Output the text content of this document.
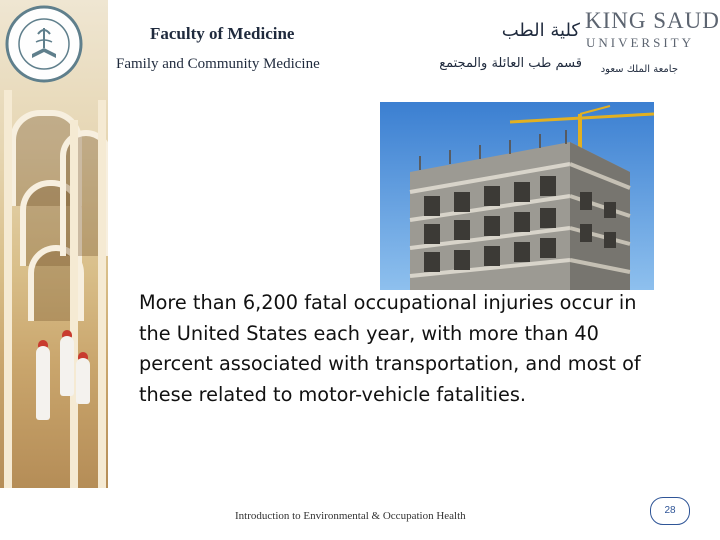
Faculty of Medicine
Family and Community Medicine
كلية الطب
قسم طب العائلة والمجتمع
KING SAUD
UNIVERSITY
جامعة الملك سعود
More than 6,200 fatal occupational injuries occur in the United States each year, with more than 40 percent associated with transportation, and most of these related to motor-vehicle fatalities.
Introduction to Environmental & Occupation Health	28
